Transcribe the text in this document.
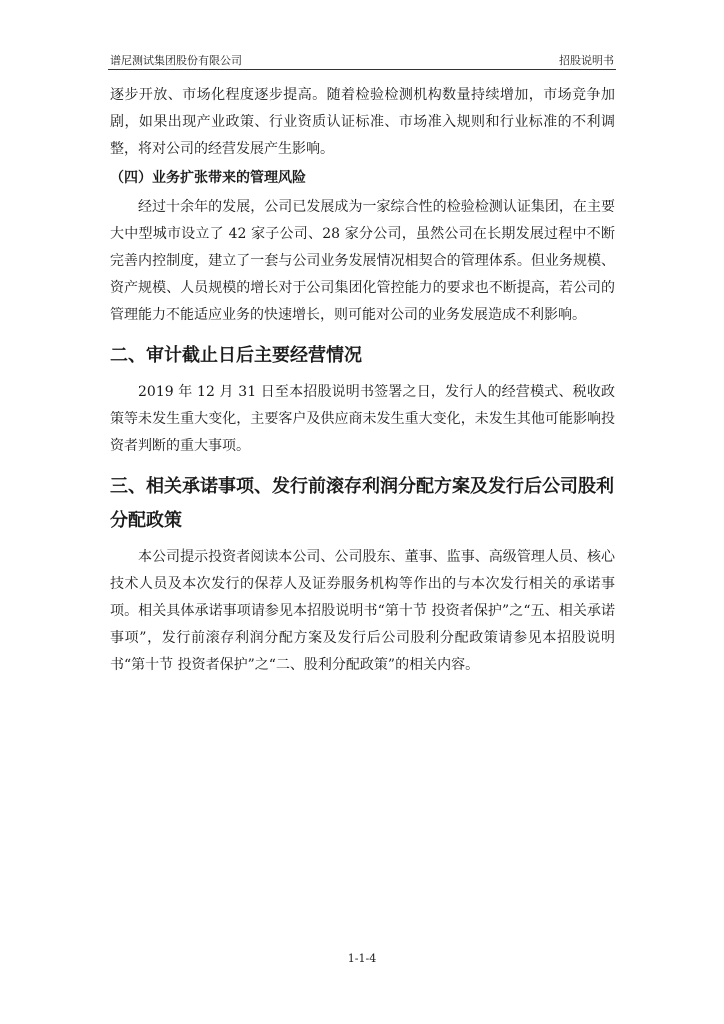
谱尼测试集团股份有限公司	招股说明书

逐步开放、市场化程度逐步提高。随着检验检测机构数量持续增加，市场竞争加剧，如果出现产业政策、行业资质认证标准、市场准入规则和行业标准的不利调整，将对公司的经营发展产生影响。

（四）业务扩张带来的管理风险

经过十余年的发展，公司已发展成为一家综合性的检验检测认证集团，在主要大中型城市设立了 42 家子公司、28 家分公司，虽然公司在长期发展过程中不断完善内控制度，建立了一套与公司业务发展情况相契合的管理体系。但业务规模、资产规模、人员规模的增长对于公司集团化管控能力的要求也不断提高，若公司的管理能力不能适应业务的快速增长，则可能对公司的业务发展造成不利影响。

二、审计截止日后主要经营情况

2019 年 12 月 31 日至本招股说明书签署之日，发行人的经营模式、税收政策等未发生重大变化，主要客户及供应商未发生重大变化，未发生其他可能影响投资者判断的重大事项。

三、相关承诺事项、发行前滚存利润分配方案及发行后公司股利分配政策

本公司提示投资者阅读本公司、公司股东、董事、监事、高级管理人员、核心技术人员及本次发行的保荐人及证券服务机构等作出的与本次发行相关的承诺事项。相关具体承诺事项请参见本招股说明书“第十节 投资者保护”之“五、相关承诺事项”，发行前滚存利润分配方案及发行后公司股利分配政策请参见本招股说明书“第十节 投资者保护”之“二、股利分配政策”的相关内容。

1-1-4
